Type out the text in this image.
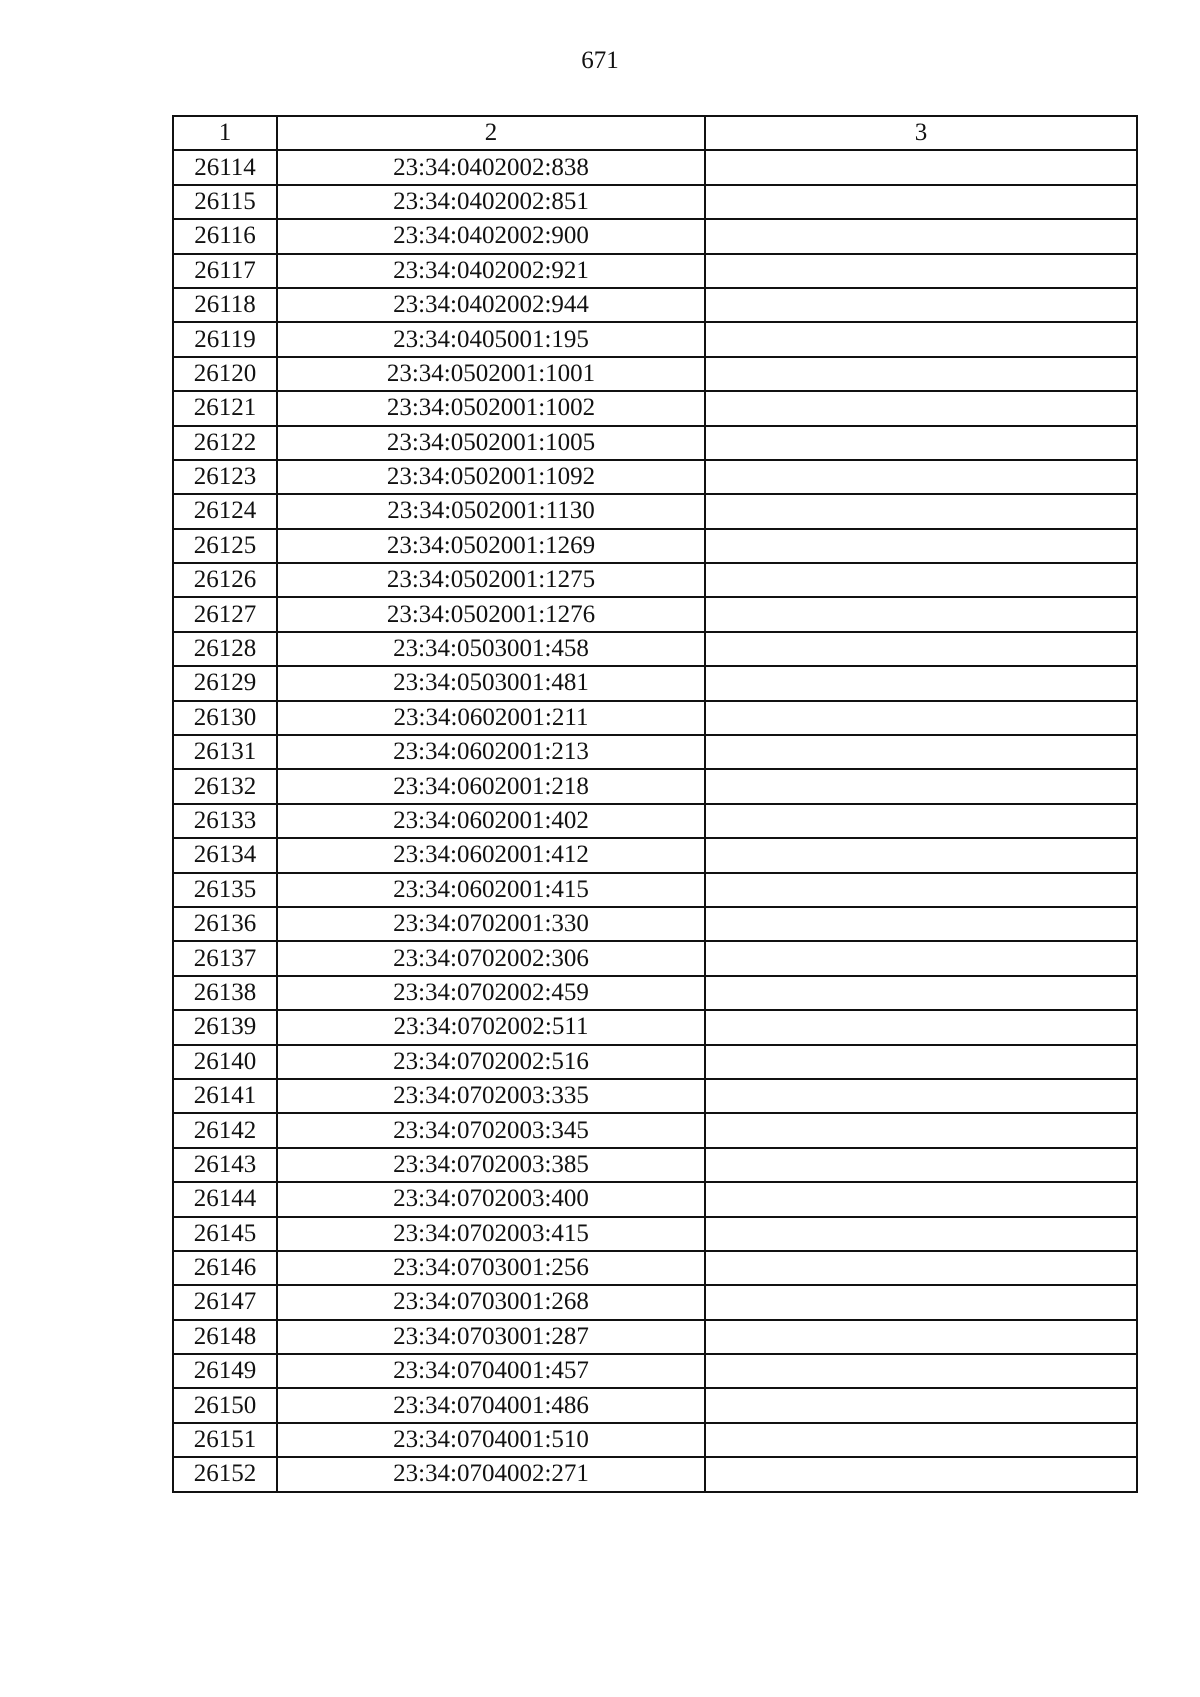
671
1	2	3
26114	23:34:0402002:838	
26115	23:34:0402002:851	
26116	23:34:0402002:900	
26117	23:34:0402002:921	
26118	23:34:0402002:944	
26119	23:34:0405001:195	
26120	23:34:0502001:1001	
26121	23:34:0502001:1002	
26122	23:34:0502001:1005	
26123	23:34:0502001:1092	
26124	23:34:0502001:1130	
26125	23:34:0502001:1269	
26126	23:34:0502001:1275	
26127	23:34:0502001:1276	
26128	23:34:0503001:458	
26129	23:34:0503001:481	
26130	23:34:0602001:211	
26131	23:34:0602001:213	
26132	23:34:0602001:218	
26133	23:34:0602001:402	
26134	23:34:0602001:412	
26135	23:34:0602001:415	
26136	23:34:0702001:330	
26137	23:34:0702002:306	
26138	23:34:0702002:459	
26139	23:34:0702002:511	
26140	23:34:0702002:516	
26141	23:34:0702003:335	
26142	23:34:0702003:345	
26143	23:34:0702003:385	
26144	23:34:0702003:400	
26145	23:34:0702003:415	
26146	23:34:0703001:256	
26147	23:34:0703001:268	
26148	23:34:0703001:287	
26149	23:34:0704001:457	
26150	23:34:0704001:486	
26151	23:34:0704001:510	
26152	23:34:0704002:271	
